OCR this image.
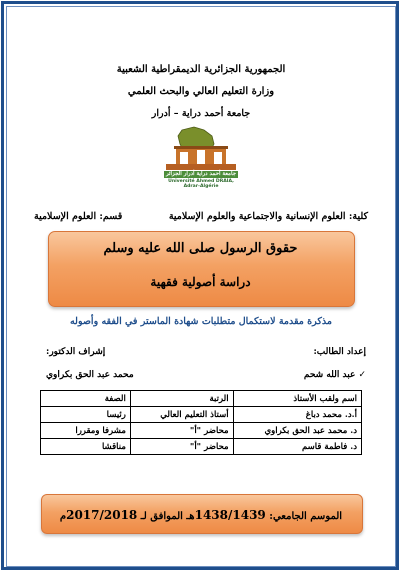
الجمهورية الجزائرية الديمقراطية الشعبية
وزارة التعليم العالي والبحث العلمي
جامعة أحمد دراية – أدرار
جامعة أحمد دراية أدرار الجزائر
Université Ahmed DRAIA, Adrar-Algérie
كلية: العلوم الإنسانية والاجتماعية والعلوم الإسلامية
قسم: العلوم الإسلامية
حقوق الرسول صلى الله عليه وسلم
دراسة أصولية فقهية
مذكرة مقدمة لاستكمال متطلبات شهادة الماستر في الفقه وأصوله
إعداد الطالب:
إشراف الدكتور:
✓ عبد الله شحم
محمد عبد الحق بكراوي
اسم ولقب الأستاذ	الرتبة	الصفة
أ.د. محمد دباغ	أستاذ التعليم العالي	رئيسا
د. محمد عبد الحق بكراوي	محاضر "أ"	مشرفا ومقررا
د. فاطمة قاسم	محاضر "أ"	مناقشا
الموسم الجامعي: 1438/1439هـ الموافق لـ 2017/2018م
